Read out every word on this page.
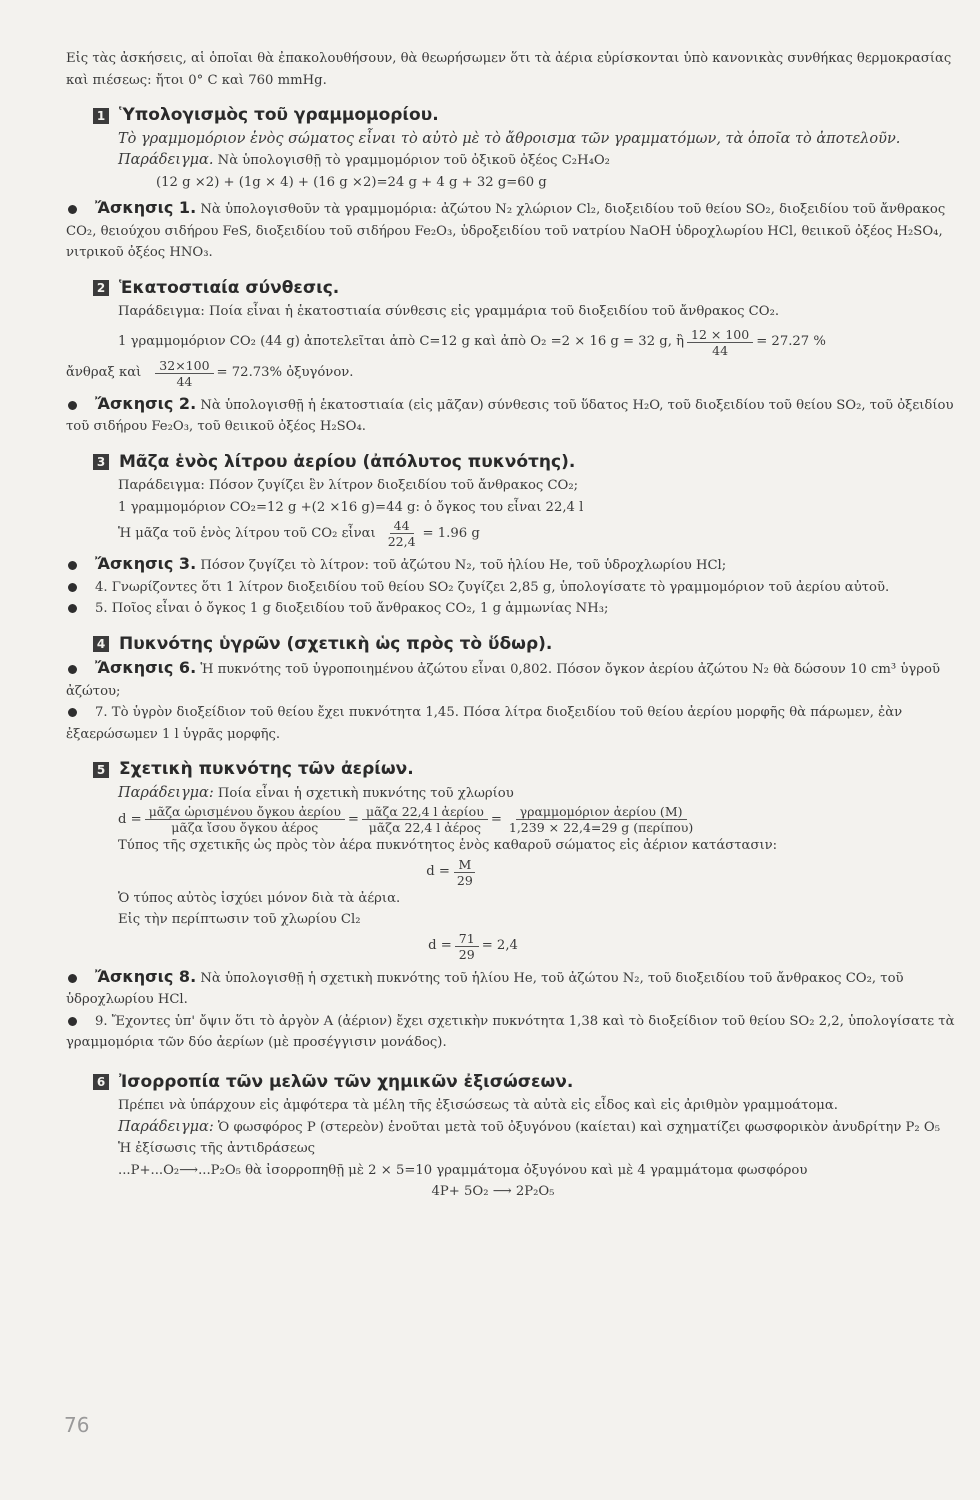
Εἰς τὰς ἀσκήσεις, αἱ ὁποῖαι θὰ ἐπακολουθήσουν, θὰ θεωρήσωμεν ὅτι τὰ ἀέρια εὑρίσκονται ὑπὸ κανονικὰς συνθήκας θερμοκρασίας καὶ πιέσεως: ἤτοι 0° C καὶ 760 mmHg.

1 Ὑπολογισμὸς τοῦ γραμμομορίου.

Τὸ γραμμομόριον ἑνὸς σώματος εἶναι τὸ αὐτὸ μὲ τὸ ἄθροισμα τῶν γραμματόμων, τὰ ὁποῖα τὸ ἀποτελοῦν.

Παράδειγμα. Νὰ ὑπολογισθῇ τὸ γραμμομόριον τοῦ ὀξικοῦ ὀξέος C₂H₄O₂

(12 g ×2) + (1g × 4) + (16 g ×2)=24 g + 4 g + 32 g=60 g

Ἄσκησις 1. Νὰ ὑπολογισθοῦν τὰ γραμμομόρια: ἀζώτου N₂ χλώριον Cl₂, διοξειδίου τοῦ θείου SO₂, διοξειδίου τοῦ ἄνθρακος CO₂, θειούχου σιδήρου FeS, διοξειδίου τοῦ σιδήρου Fe₂O₃, ὑδροξειδίου τοῦ νατρίου NaOH ὑδροχλωρίου HCl, θειικοῦ ὀξέος H₂SO₄, νιτρικοῦ ὀξέος HNO₃.

2 Ἑκατοστιαία σύνθεσις.

Παράδειγμα: Ποία εἶναι ἡ ἑκατοστιαία σύνθεσις εἰς γραμμάρια τοῦ διοξειδίου τοῦ ἄνθρακος CO₂.

1 γραμμομόριον CO₂ (44 g) ἀποτελεῖται ἀπὸ C=12 g καὶ ἀπὸ O₂ =2 × 16 g = 32 g, ἢ $\frac{12 \times 100}{44} = 27.27$ %
ἄνθραξ καὶ $\frac{32\times 100}{44} = 72.73\%$ ὀξυγόνον.

Ἄσκησις 2. Νὰ ὑπολογισθῇ ἡ ἑκατοστιαία (εἰς μᾶζαν) σύνθεσις τοῦ ὕδατος H₂O, τοῦ διοξειδίου τοῦ θείου SO₂, τοῦ ὀξειδίου τοῦ σιδήρου Fe₂O₃, τοῦ θειικοῦ ὀξέος H₂SO₄.

3 Μᾶζα ἑνὸς λίτρου ἀερίου (ἀπόλυτος πυκνότης).

Παράδειγμα: Πόσον ζυγίζει ἓν λίτρον διοξειδίου τοῦ ἄνθρακος CO₂;

1 γραμμομόριον CO₂=12 g +(2 ×16 g)=44 g: ὁ ὄγκος του εἶναι 22,4 l

Ἡ μᾶζα τοῦ ἑνὸς λίτρου τοῦ CO₂ εἶναι $\frac{44}{22,4} = 1.96$ g

Ἄσκησις 3. Πόσον ζυγίζει τὸ λίτρον: τοῦ ἀζώτου N₂, τοῦ ἡλίου He, τοῦ ὑδροχλωρίου HCl;

4. Γνωρίζοντες ὅτι 1 λίτρον διοξειδίου τοῦ θείου SO₂ ζυγίζει 2,85 g, ὑπολογίσατε τὸ γραμμομόριον τοῦ ἀερίου αὐτοῦ.

5. Ποῖος εἶναι ὁ ὄγκος 1 g διοξειδίου τοῦ ἄνθρακος CO₂, 1 g ἀμμωνίας NH₃;

4 Πυκνότης ὑγρῶν (σχετικὴ ὡς πρὸς τὸ ὕδωρ).

Ἄσκησις 6. Ἡ πυκνότης τοῦ ὑγροποιημένου ἀζώτου εἶναι 0,802. Πόσον ὄγκον ἀερίου ἀζώτου N₂ θὰ δώσουν 10 cm³ ὑγροῦ ἀζώτου;

7. Τὸ ὑγρὸν διοξείδιον τοῦ θείου ἔχει πυκνότητα 1,45. Πόσα λίτρα διοξειδίου τοῦ θείου ἀερίου μορφῆς θὰ πάρωμεν, ἐὰν ἐξαερώσωμεν 1 l ὑγρᾶς μορφῆς.

5 Σχετικὴ πυκνότης τῶν ἀερίων.

Παράδειγμα: Ποία εἶναι ἡ σχετικὴ πυκνότης τοῦ χλωρίου

$d = \frac{\text{μᾶζα ὡρισμένου ὄγκου ἀερίου}}{\text{μᾶζα ἴσου ὄγκου ἀέρος}} = \frac{\text{μᾶζα 22,4 l ἀερίου}}{\text{μᾶζα 22,4 l ἀέρος}} = \frac{\text{γραμμομόριον ἀερίου (M)}}{\text{1,239 × 22,4=29 g (περίπου)}}$

Τύπος τῆς σχετικῆς ὡς πρὸς τὸν ἀέρα πυκνότητος ἑνὸς καθαροῦ σώματος εἰς ἀέριον κατάστασιν:

$d = \frac{M}{29}$

Ὁ τύπος αὐτὸς ἰσχύει μόνον διὰ τὰ ἀέρια.

Εἰς τὴν περίπτωσιν τοῦ χλωρίου Cl₂

$d = \frac{71}{29} = 2,4$

Ἄσκησις 8. Νὰ ὑπολογισθῇ ἡ σχετικὴ πυκνότης τοῦ ἡλίου He, τοῦ ἀζώτου N₂, τοῦ διοξειδίου τοῦ ἄνθρακος CO₂, τοῦ ὑδροχλωρίου HCl.

9. Ἔχοντες ὑπ' ὄψιν ὅτι τὸ ἀργὸν A (ἀέριον) ἔχει σχετικὴν πυκνότητα 1,38 καὶ τὸ διοξείδιον τοῦ θείου SO₂ 2,2, ὑπολογίσατε τὰ γραμμομόρια τῶν δύο ἀερίων (μὲ προσέγγισιν μονάδος).

6 Ἰσορροπία τῶν μελῶν τῶν χημικῶν ἐξισώσεων.

Πρέπει νὰ ὑπάρχουν εἰς ἀμφότερα τὰ μέλη τῆς ἐξισώσεως τὰ αὐτὰ εἰς εἶδος καὶ εἰς ἀριθμὸν γραμμοάτομα.

Παράδειγμα: Ὁ φωσφόρος P (στερεὸν) ἑνοῦται μετὰ τοῦ ὀξυγόνου (καίεται) καὶ σχηματίζει φωσφορικὸν ἀνυδρίτην P₂ O₅

Ἡ ἐξίσωσις τῆς ἀντιδράσεως

...P+...O₂⟶...P₂O₅ θὰ ἰσορροπηθῇ μὲ 2 × 5=10 γραμμάτομα ὀξυγόνου καὶ μὲ 4 γραμμάτομα φωσφόρου

4P+ 5O₂ ⟶ 2P₂O₅

76
